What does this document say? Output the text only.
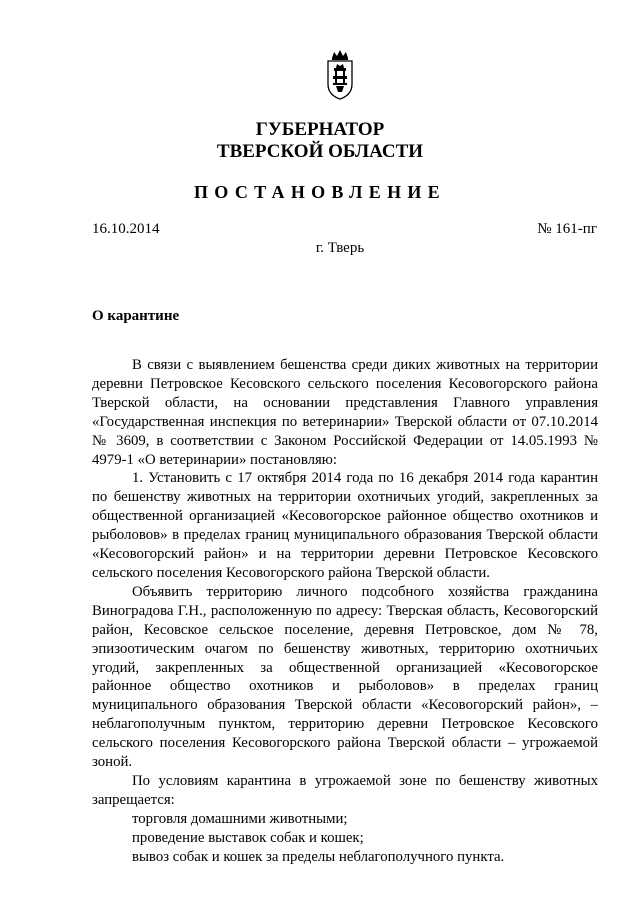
ГУБЕРНАТОР
ТВЕРСКОЙ ОБЛАСТИ
ПОСТАНОВЛЕНИЕ
16.10.2014	№ 161-пг
г. Тверь
О карантине

В связи с выявлением бешенства среди диких животных на территории деревни Петровское Кесовского сельского поселения Кесовогорского района Тверской области, на основании представления Главного управления «Государственная инспекция по ветеринарии» Тверской области от 07.10.2014 № 3609, в соответствии с Законом Российской Федерации от 14.05.1993 № 4979-1 «О ветеринарии» постановляю:

1. Установить с 17 октября 2014 года по 16 декабря 2014 года карантин по бешенству животных на территории охотничьих угодий, закрепленных за общественной организацией «Кесовогорское районное общество охотников и рыболовов» в пределах границ муниципального образования Тверской области «Кесовогорский район» и на территории деревни Петровское Кесовского сельского поселения Кесовогорского района Тверской области.

Объявить территорию личного подсобного хозяйства гражданина Виноградова Г.Н., расположенную по адресу: Тверская область, Кесовогорский район, Кесовское сельское поселение, деревня Петровское, дом № 78, эпизоотическим очагом по бешенству животных, территорию охотничьих угодий, закрепленных за общественной организацией «Кесовогорское районное общество охотников и рыболовов» в пределах границ муниципального образования Тверской области «Кесовогорский район», – неблагополучным пунктом, территорию деревни Петровское Кесовского сельского поселения Кесовогорского района Тверской области – угрожаемой зоной.

По условиям карантина в угрожаемой зоне по бешенству животных запрещается:

торговля домашними животными;

проведение выставок собак и кошек;

вывоз собак и кошек за пределы неблагополучного пункта.
